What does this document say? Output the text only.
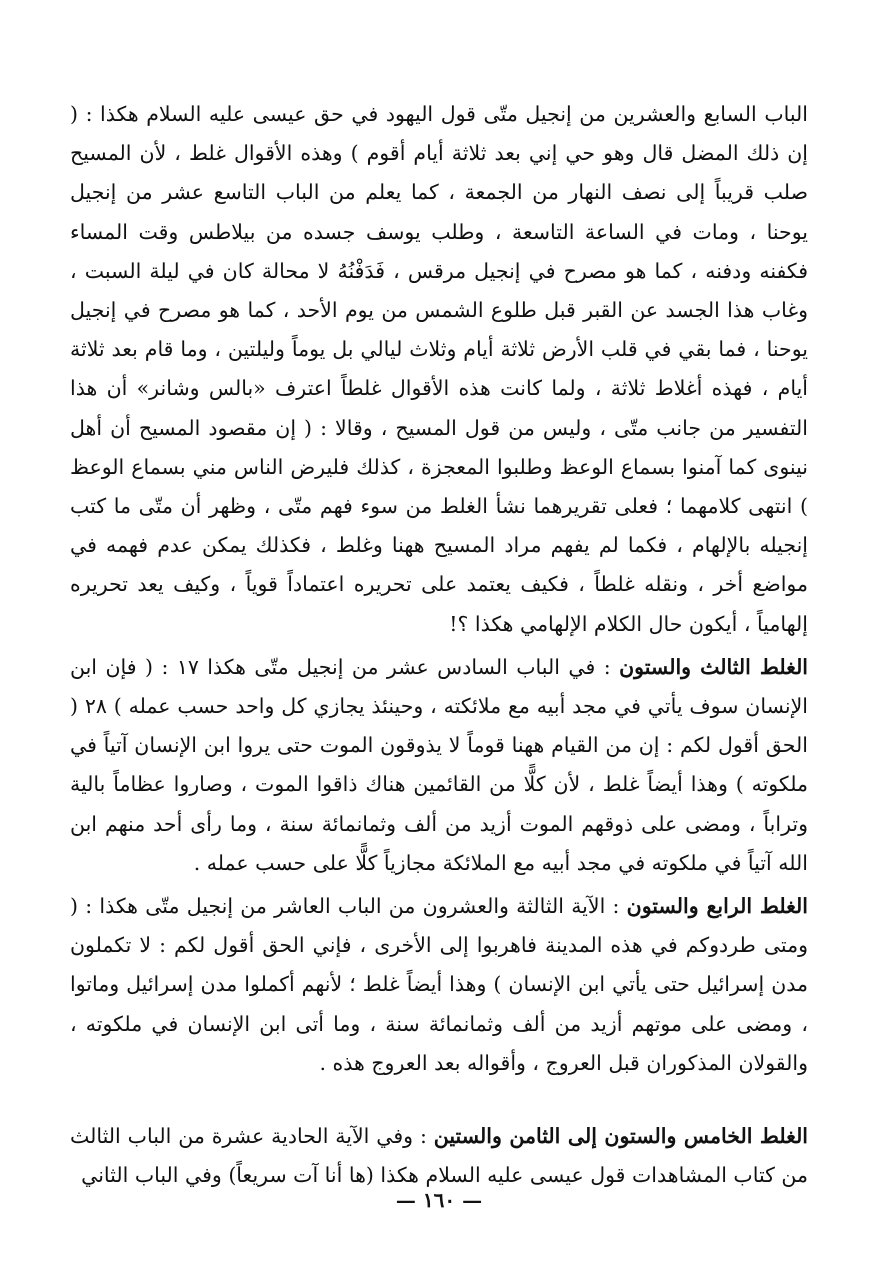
الباب السابع والعشرين من إنجيل متّى قول اليهود في حق عيسى عليه السلام هكذا : ( إن ذلك المضل قال وهو حي إني بعد ثلاثة أيام أقوم ) وهذه الأقوال غلط ، لأن المسيح صلب قريباً إلى نصف النهار من الجمعة ، كما يعلم من الباب التاسع عشر من إنجيل يوحنا ، ومات في الساعة التاسعة ، وطلب يوسف جسده من بيلاطس وقت المساء فكفنه ودفنه ، كما هو مصرح في إنجيل مرقس ، فَدَفْنُهُ لا محالة كان في ليلة السبت ، وغاب هذا الجسد عن القبر قبل طلوع الشمس من يوم الأحد ، كما هو مصرح في إنجيل يوحنا ، فما بقي في قلب الأرض ثلاثة أيام وثلاث ليالي بل يوماً وليلتين ، وما قام بعد ثلاثة أيام ، فهذه أغلاط ثلاثة ، ولما كانت هذه الأقوال غلطاً اعترف «بالس وشانر» أن هذا التفسير من جانب متّى ، وليس من قول المسيح ، وقالا : ( إن مقصود المسيح أن أهل نينوى كما آمنوا بسماع الوعظ وطلبوا المعجزة ، كذلك فليرض الناس مني بسماع الوعظ ) انتهى كلامهما ؛ فعلى تقريرهما نشأ الغلط من سوء فهم متّى ، وظهر أن متّى ما كتب إنجيله بالإلهام ، فكما لم يفهم مراد المسيح ههنا وغلط ، فكذلك يمكن عدم فهمه في مواضع أخر ، ونقله غلطاً ، فكيف يعتمد على تحريره اعتماداً قوياً ، وكيف يعد تحريره إلهامياً ، أيكون حال الكلام الإلهامي هكذا ؟!

الغلط الثالث والستون : في الباب السادس عشر من إنجيل متّى هكذا ١٧ : ( فإن ابن الإنسان سوف يأتي في مجد أبيه مع ملائكته ، وحينئذ يجازي كل واحد حسب عمله ) ٢٨ ( الحق أقول لكم : إن من القيام ههنا قوماً لا يذوقون الموت حتى يروا ابن الإنسان آتياً في ملكوته ) وهذا أيضاً غلط ، لأن كلًّا من القائمين هناك ذاقوا الموت ، وصاروا عظاماً بالية وتراباً ، ومضى على ذوقهم الموت أزيد من ألف وثمانمائة سنة ، وما رأى أحد منهم ابن الله آتياً في ملكوته في مجد أبيه مع الملائكة مجازياً كلًّا على حسب عمله .

الغلط الرابع والستون : الآية الثالثة والعشرون من الباب العاشر من إنجيل متّى هكذا : ( ومتى طردوكم في هذه المدينة فاهربوا إلى الأخرى ، فإني الحق أقول لكم : لا تكملون مدن إسرائيل حتى يأتي ابن الإنسان ) وهذا أيضاً غلط ؛ لأنهم أكملوا مدن إسرائيل وماتوا ، ومضى على موتهم أزيد من ألف وثمانمائة سنة ، وما أتى ابن الإنسان في ملكوته ، والقولان المذكوران قبل العروج ، وأقواله بعد العروج هذه .

الغلط الخامس والستون إلى الثامن والستين : وفي الآية الحادية عشرة من الباب الثالث من كتاب المشاهدات قول عيسى عليه السلام هكذا (ها أنا آت سريعاً) وفي الباب الثاني

— ١٦٠ —
